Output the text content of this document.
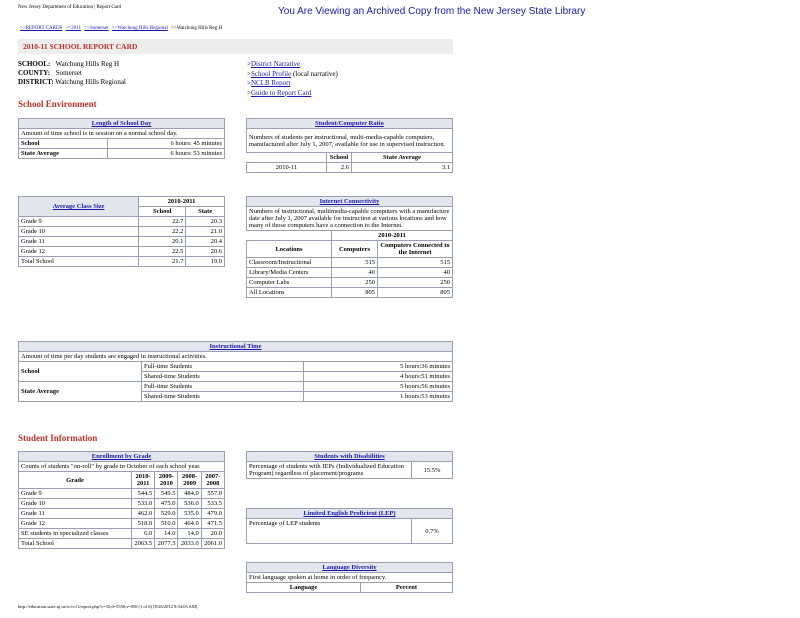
New Jersey Department of Education | Report Card	You Are Viewing an Archived Copy from the New Jersey State Library
>>REPORT CARDS >>2011 >>Somerset >>Watchung Hills Regional >>Watchung Hills Reg H
2010-11 SCHOOL REPORT CARD
SCHOOL: Watchung Hills Reg H
COUNTY: Somerset
DISTRICT: Watchung Hills Regional
>District Narrative
>School Profile (local narrative)
>NCLB Report
>Guide to Report Card
School Environment
Length of School Day	
Amount of time school is in session on a normal school day.	
School	6 hours: 45 minutes
State Average	6 hours: 53 minutes
Student/Computer Ratio		
Numbers of students per instructional, multi-media-capable computers, manufactured after July 1, 2007, available for use in supervised instruction.		
	School	State Average
2010-11	2.6	3.1
Average Class Size	2010-2011	
	School	State
Grade 9	22.7	20.3
Grade 10	22.2	21.0
Grade 11	20.1	20.4
Grade 12	22.5	20.6
Total School	21.7	19.0
Internet Connectivity		
Numbers of instructional, multimedia-capable computers with a manufacture date after July 1, 2007 available for instruction at various locations and how many of those computers have a connection to the Internet.		
	2010-2011	
Locations	Computers	Computers Connected to the Internet
Classroom/Instructional	515	515
Library/Media Centers	40	40
Computer Labs	250	250
All Locations	805	805
Instructional Time		
Amount of time per day students are engaged in instructional activities.		
School	Full-time Students	5 hours:36 minutes
	Shared-time Students	4 hours:51 minutes
State Average	Full-time Students	5 hours:56 minutes
	Shared-time Students	1 hours:53 minutes
Student Information
Enrollment by Grade				
Counts of students "on-roll" by grade in October of each school year.				
Grade	2010-2011	2009-2010	2008-2009	2007-2008
Grade 9	544.5	549.5	484.0	557.0
Grade 10	533.0	475.0	536.0	533.5
Grade 11	462.0	529.0	535.0	479.0
Grade 12	518.0	510.0	464.0	471.5
SE students in specialized classes	6.0	14.0	14.0	20.0
Total School	2063.5	2077.5	2033.0	2061.0
Students with Disabilities
Percentage of students with IEPs (Individualized Education Program) regardless of placement/programs	15.5%
Limited English Proficient (LEP)
Percentage of LEP students	0.7%
Language Diversity
First language spoken at home in order of frequency.
Language	Percent
http://education.state.nj.us/rc/rc11/report.php?c=35;d=5550;s=050 (1 of 6) [8/26/2012 9:54:03 AM]
